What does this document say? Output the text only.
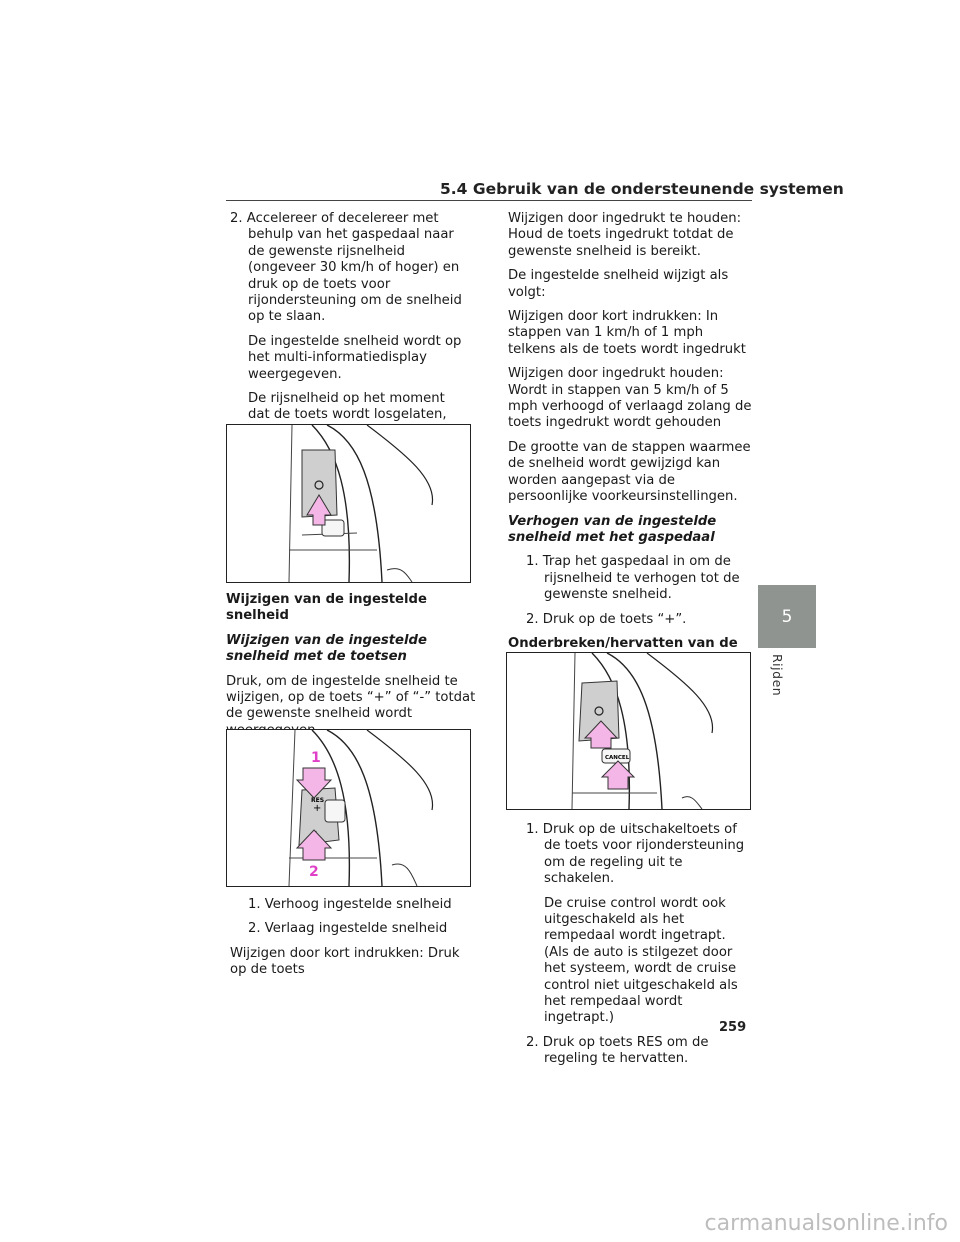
5.4 Gebruik van de ondersteunende systemen

2. Accelereer of decelereer met behulp van het gaspedaal naar de gewenste rijsnelheid (ongeveer 30 km/h of hoger) en druk op de toets voor rijondersteuning om de snelheid op te slaan.

De ingestelde snelheid wordt op het multi-informatiedisplay weergegeven.

De rijsnelheid op het moment dat de toets wordt losgelaten,

Wijzigen van de ingestelde snelheid

Wijzigen van de ingestelde snelheid met de toetsen

Druk, om de ingestelde snelheid te wijzigen, op de toets “+” of “-” totdat de gewenste snelheid wordt

RES
+
1
2

1. Verhoog ingestelde snelheid

2. Verlaag ingestelde snelheid

Wijzigen door kort indrukken: Druk op de toets

Wijzigen door ingedrukt te houden: Houd de toets ingedrukt totdat de gewenste snelheid is bereikt.

De ingestelde snelheid wijzigt als volgt:

Wijzigen door kort indrukken: In stappen van 1 km/h of 1 mph telkens als de toets wordt ingedrukt

Wijzigen door ingedrukt houden: Wordt in stappen van 5 km/h of 5 mph verhoogd of verlaagd zolang de toets ingedrukt wordt gehouden

De grootte van de stappen waarmee de snelheid wordt gewijzigd kan worden aangepast via de persoonlijke voorkeursinstellingen.

Verhogen van de ingestelde snelheid met het gaspedaal

1. Trap het gaspedaal in om de rijsnelheid te verhogen tot de gewenste snelheid.

2. Druk op de toets “+”.

Onderbreken/hervatten van de

CANCEL

1. Druk op de uitschakeltoets of de toets voor rijondersteuning om de regeling uit te schakelen.

De cruise control wordt ook uitgeschakeld als het rempedaal wordt ingetrapt. (Als de auto is stilgezet door het systeem, wordt de cruise control niet uitgeschakeld als het rempedaal wordt ingetrapt.)

2. Druk op toets RES om de regeling te hervatten.

5
Rijden
259
carmanualsonline.info
